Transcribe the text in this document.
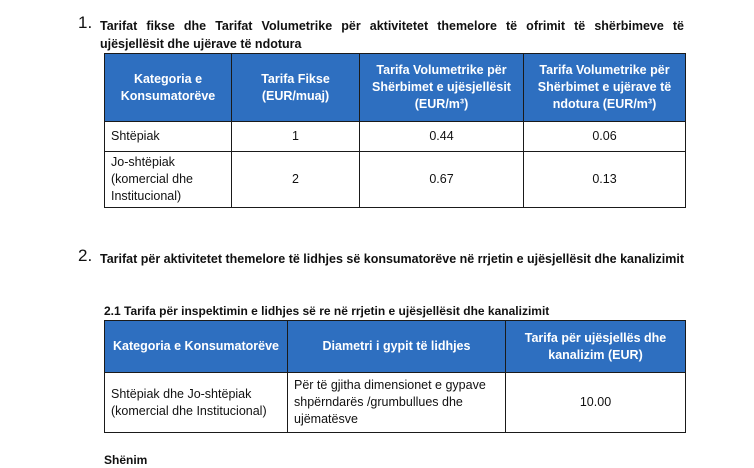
1. Tarifat fikse dhe Tarifat Volumetrike për aktivitetet themelore të ofrimit të shërbimeve të ujësjellësit dhe ujërave të ndotura
Kategoria e Konsumatorëve	Tarifa Fikse (EUR/muaj)	Tarifa Volumetrike për Shërbimet e ujësjellësit (EUR/m³)	Tarifa Volumetrike për Shërbimet e ujërave të ndotura (EUR/m³)
Shtëpiak	1	0.44	0.06
Jo-shtëpiak (komercial dhe Institucional)	2	0.67	0.13
2. Tarifat për aktivitetet themelore të lidhjes së konsumatorëve në rrjetin e ujësjellësit dhe kanalizimit
2.1 Tarifa për inspektimin e lidhjes së re në rrjetin e ujësjellësit dhe kanalizimit
Kategoria e Konsumatorëve	Diametri i gypit të lidhjes	Tarifa për ujësjellës dhe kanalizim (EUR)
Shtëpiak dhe Jo-shtëpiak (komercial dhe Institucional)	Për të gjitha dimensionet e gypave shpërndarës /grumbullues dhe ujëmatësve	10.00
Shënim
